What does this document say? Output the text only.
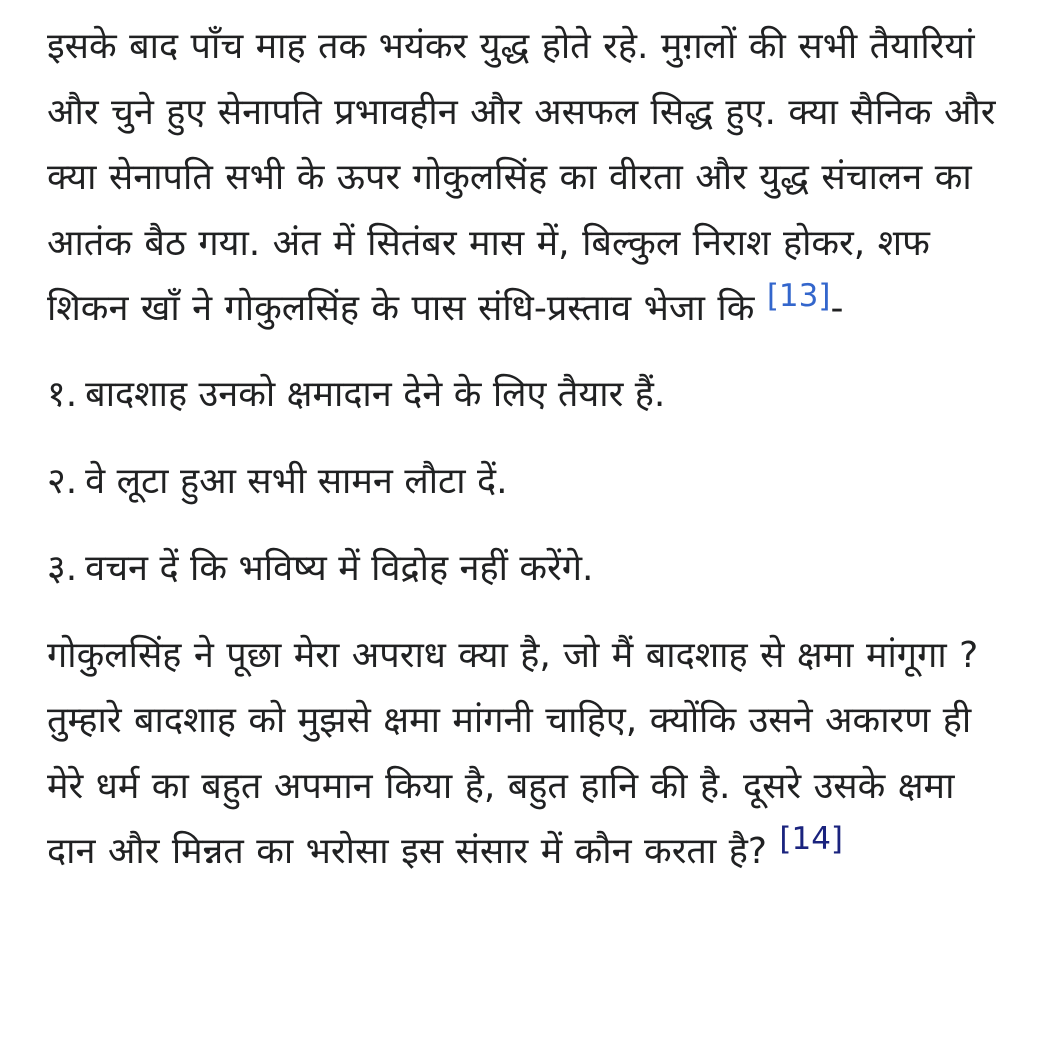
इसके बाद पाँच माह तक भयंकर युद्ध होते रहे. मुग़लों की सभी तैयारियां और चुने हुए सेनापति प्रभावहीन और असफल सिद्ध हुए. क्या सैनिक और क्या सेनापति सभी के ऊपर गोकुलसिंह का वीरता और युद्ध संचालन का आतंक बैठ गया. अंत में सितंबर मास में, बिल्कुल निराश होकर, शफ शिकन खाँ ने गोकुलसिंह के पास संधि-प्रस्ताव भेजा कि [13]-

१. बादशाह उनको क्षमादान देने के लिए तैयार हैं.

२. वे लूटा हुआ सभी सामन लौटा दें.

३. वचन दें कि भविष्य में विद्रोह नहीं करेंगे.

गोकुलसिंह ने पूछा मेरा अपराध क्या है, जो मैं बादशाह से क्षमा मांगूगा ? तुम्हारे बादशाह को मुझसे क्षमा मांगनी चाहिए, क्योंकि उसने अकारण ही मेरे धर्म का बहुत अपमान किया है, बहुत हानि की है. दूसरे उसके क्षमा दान और मिन्नत का भरोसा इस संसार में कौन करता है? [14]
